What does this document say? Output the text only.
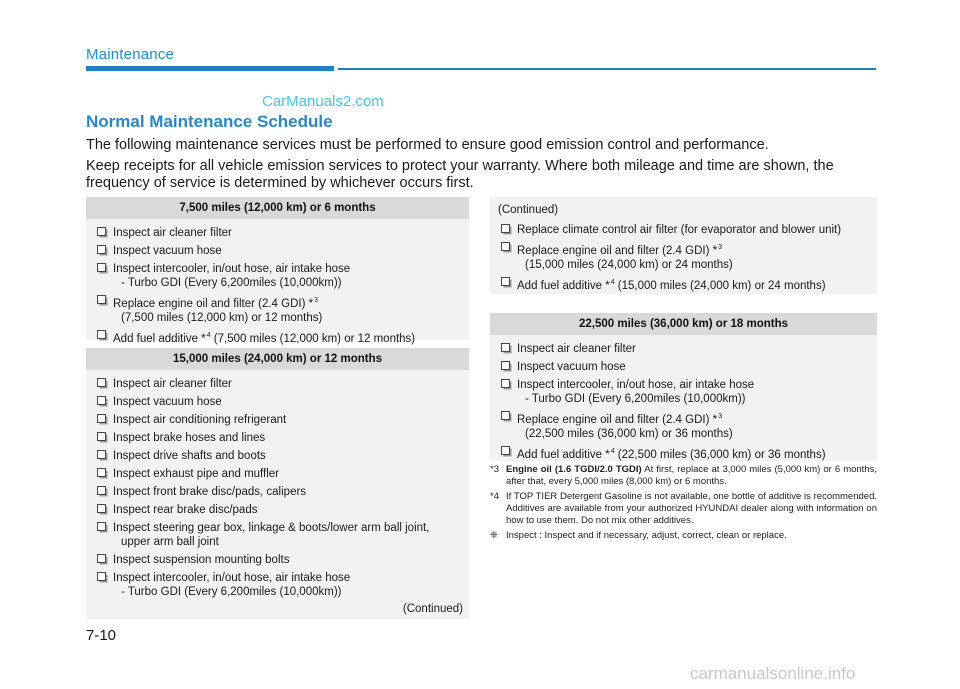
Maintenance
CarManuals2.com
Normal Maintenance Schedule
The following maintenance services must be performed to ensure good emission control and performance.
Keep receipts for all vehicle emission services to protect your warranty. Where both mileage and time are shown, the frequency of service is determined by whichever occurs first.
7,500 miles (12,000 km) or 6 months
Inspect air cleaner filter
Inspect vacuum hose
Inspect intercooler, in/out hose, air intake hose
- Turbo GDI (Every 6,200miles (10,000km))
Replace engine oil and filter (2.4 GDI) *$^3$
(7,500 miles (12,000 km) or 12 months)
Add fuel additive *$^4$ (7,500 miles (12,000 km) or 12 months)
15,000 miles (24,000 km) or 12 months
Inspect air cleaner filter
Inspect vacuum hose
Inspect air conditioning refrigerant
Inspect brake hoses and lines
Inspect drive shafts and boots
Inspect exhaust pipe and muffler
Inspect front brake disc/pads, calipers
Inspect rear brake disc/pads
Inspect steering gear box, linkage & boots/lower arm ball joint,
upper arm ball joint
Inspect suspension mounting bolts
Inspect intercooler, in/out hose, air intake hose
- Turbo GDI (Every 6,200miles (10,000km))
(Continued)
(Continued)
Replace climate control air filter (for evaporator and blower unit)
Replace engine oil and filter (2.4 GDI) *$^3$
(15,000 miles (24,000 km) or 24 months)
Add fuel additive *$^4$ (15,000 miles (24,000 km) or 24 months)
22,500 miles (36,000 km) or 18 months
Inspect air cleaner filter
Inspect vacuum hose
Inspect intercooler, in/out hose, air intake hose
- Turbo GDI (Every 6,200miles (10,000km))
Replace engine oil and filter (2.4 GDI) *$^3$
(22,500 miles (36,000 km) or 36 months)
Add fuel additive *$^4$ (22,500 miles (36,000 km) or 36 months)
*3 Engine oil (1.6 TGDI/2.0 TGDI) At first, replace at 3,000 miles (5,000 km) or 6 months, after that, every 5,000 miles (8,000 km) or 6 months.
*4 If TOP TIER Detergent Gasoline is not available, one bottle of additive is recommended. Additives are available from your authorized HYUNDAI dealer along with information on how to use them. Do not mix other additives.
❈ Inspect : Inspect and if necessary, adjust, correct, clean or replace.
7-10
carmanualsonline.info
